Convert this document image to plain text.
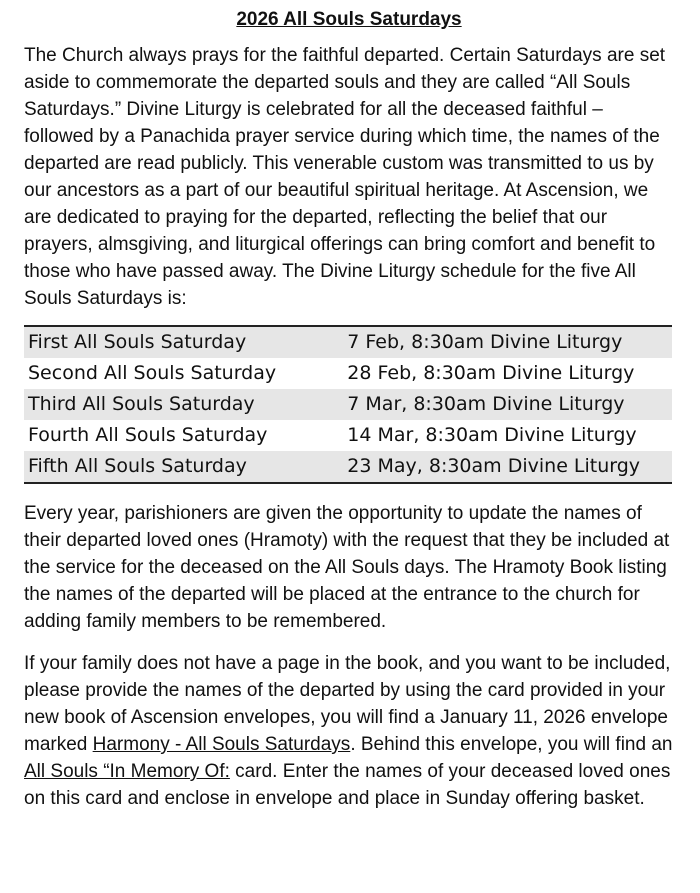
2026 All Souls Saturdays

The Church always prays for the faithful departed. Certain Saturdays are set aside to commemorate the departed souls and they are called “All Souls Saturdays.” Divine Liturgy is celebrated for all the deceased faithful – followed by a Panachida prayer service during which time, the names of the departed are read publicly. This venerable custom was transmitted to us by our ancestors as a part of our beautiful spiritual heritage. At Ascension, we are dedicated to praying for the departed, reflecting the belief that our prayers, almsgiving, and liturgical offerings can bring comfort and benefit to those who have passed away. The Divine Liturgy schedule for the five All Souls Saturdays is:

First All Souls Saturday	7 Feb, 8:30am Divine Liturgy
Second All Souls Saturday	28 Feb, 8:30am Divine Liturgy
Third All Souls Saturday	7 Mar, 8:30am Divine Liturgy
Fourth All Souls Saturday	14 Mar, 8:30am Divine Liturgy
Fifth All Souls Saturday	23 May, 8:30am Divine Liturgy

Every year, parishioners are given the opportunity to update the names of their departed loved ones (Hramoty) with the request that they be included at the service for the deceased on the All Souls days. The Hramoty Book listing the names of the departed will be placed at the entrance to the church for adding family members to be remembered.

If your family does not have a page in the book, and you want to be included, please provide the names of the departed by using the card provided in your new book of Ascension envelopes, you will find a January 11, 2026 envelope marked Harmony - All Souls Saturdays. Behind this envelope, you will find an All Souls “In Memory Of: card. Enter the names of your deceased loved ones on this card and enclose in envelope and place in Sunday offering basket.
